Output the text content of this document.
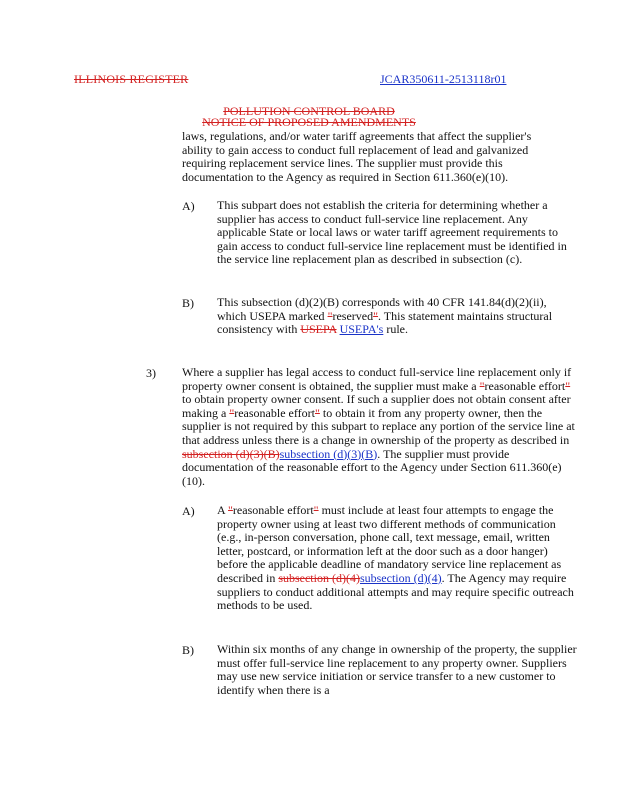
ILLINOIS REGISTER	JCAR350611-2513118r01
POLLUTION CONTROL BOARD
NOTICE OF PROPOSED AMENDMENTS
laws, regulations, and/or water tariff agreements that affect the supplier's ability to gain access to conduct full replacement of lead and galvanized requiring replacement service lines. The supplier must provide this documentation to the Agency as required in Section 611.360(e)(10).
A) This subpart does not establish the criteria for determining whether a supplier has access to conduct full-service line replacement. Any applicable State or local laws or water tariff agreement requirements to gain access to conduct full-service line replacement must be identified in the service line replacement plan as described in subsection (c).
B) This subsection (d)(2)(B) corresponds with 40 CFR 141.84(d)(2)(ii), which USEPA marked "reserved". This statement maintains structural consistency with USEPA USEPA's rule.
3) Where a supplier has legal access to conduct full-service line replacement only if property owner consent is obtained, the supplier must make a "reasonable effort" to obtain property owner consent. If such a supplier does not obtain consent after making a "reasonable effort" to obtain it from any property owner, then the supplier is not required by this subpart to replace any portion of the service line at that address unless there is a change in ownership of the property as described in subsection (d)(3)(B)subsection (d)(3)(B). The supplier must provide documentation of the reasonable effort to the Agency under Section 611.360(e)(10).
A) A "reasonable effort" must include at least four attempts to engage the property owner using at least two different methods of communication (e.g., in-person conversation, phone call, text message, email, written letter, postcard, or information left at the door such as a door hanger) before the applicable deadline of mandatory service line replacement as described in subsection (d)(4)subsection (d)(4). The Agency may require suppliers to conduct additional attempts and may require specific outreach methods to be used.
B) Within six months of any change in ownership of the property, the supplier must offer full-service line replacement to any property owner. Suppliers may use new service initiation or service transfer to a new customer to identify when there is a
